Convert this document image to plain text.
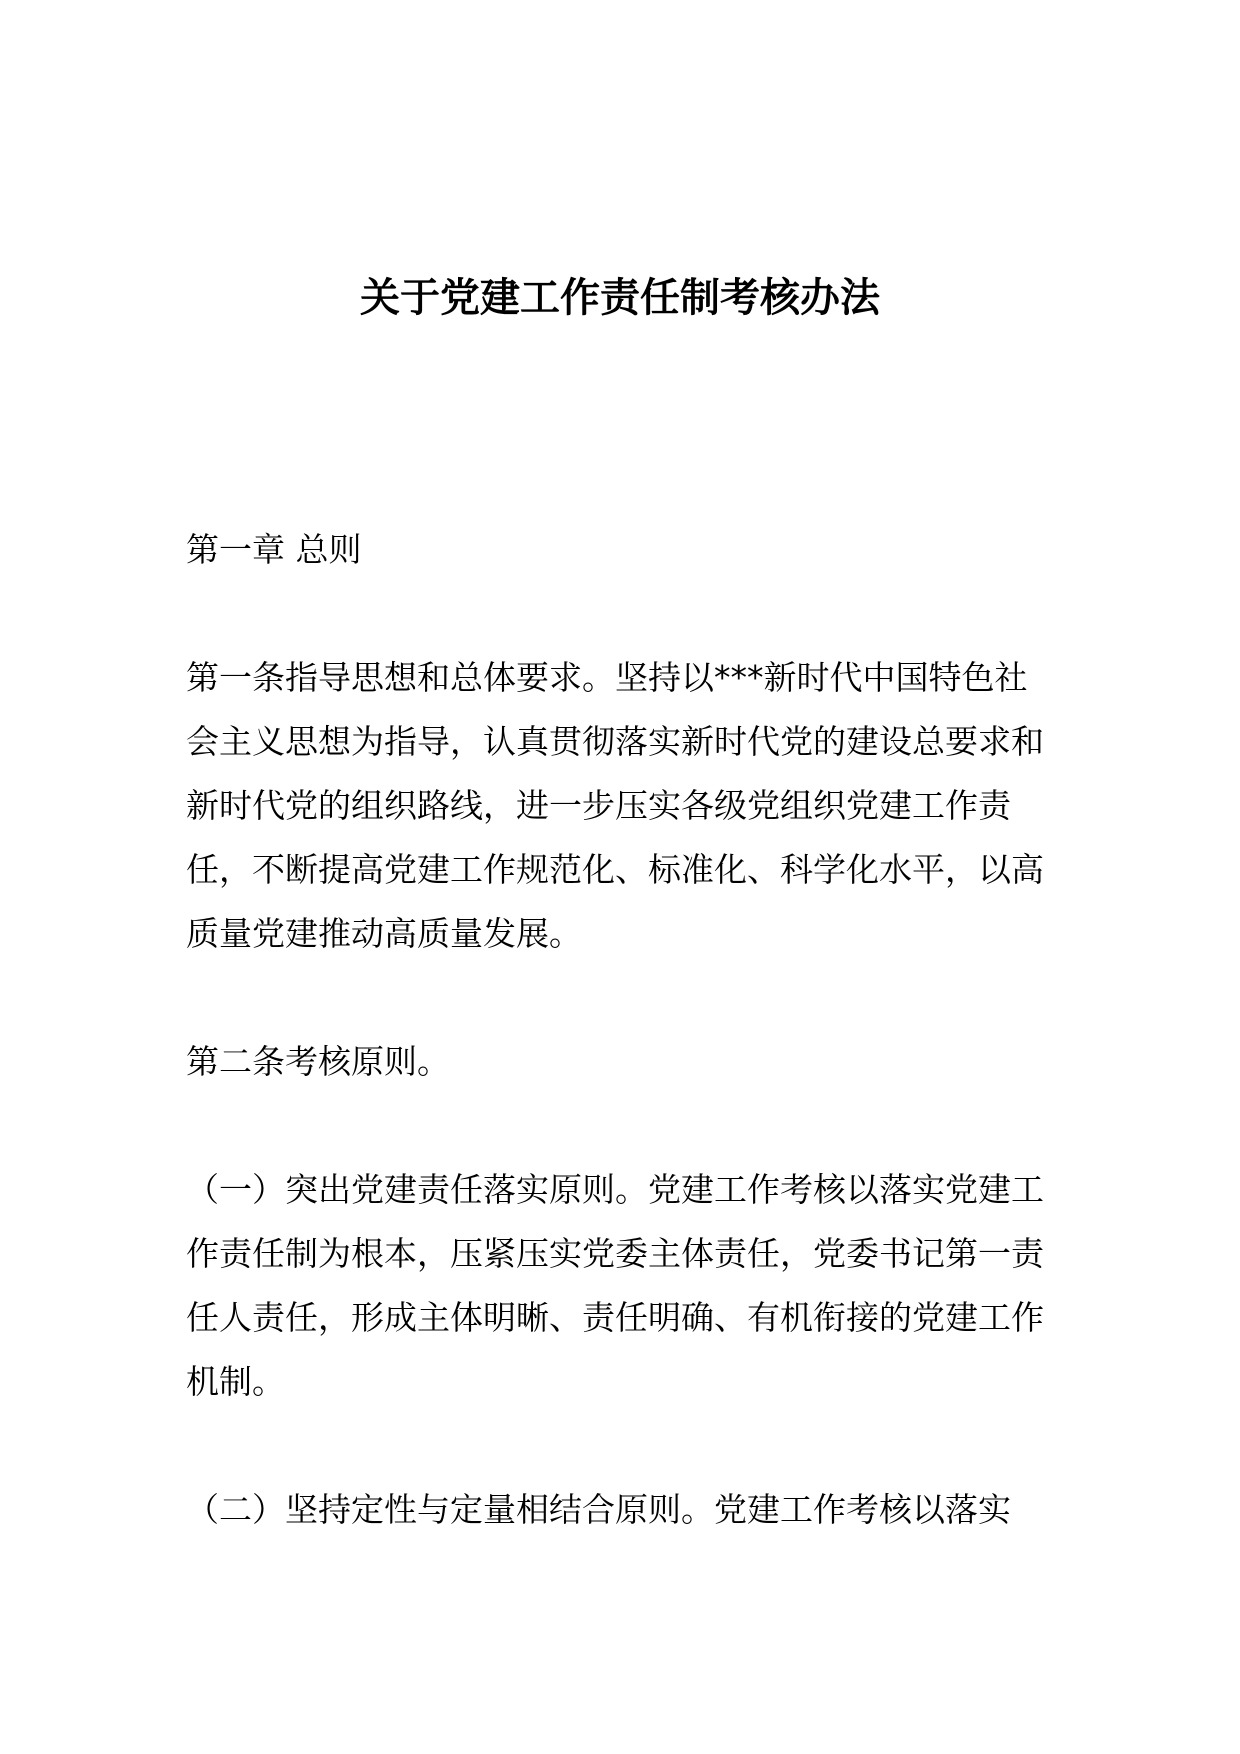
关于党建工作责任制考核办法

第一章 总则

第一条指导思想和总体要求。坚持以***新时代中国特色社会主义思想为指导，认真贯彻落实新时代党的建设总要求和新时代党的组织路线，进一步压实各级党组织党建工作责任，不断提高党建工作规范化、标准化、科学化水平，以高质量党建推动高质量发展。

第二条考核原则。

（一）突出党建责任落实原则。党建工作考核以落实党建工作责任制为根本，压紧压实党委主体责任，党委书记第一责任人责任，形成主体明晰、责任明确、有机衔接的党建工作机制。

（二）坚持定性与定量相结合原则。党建工作考核以落实
